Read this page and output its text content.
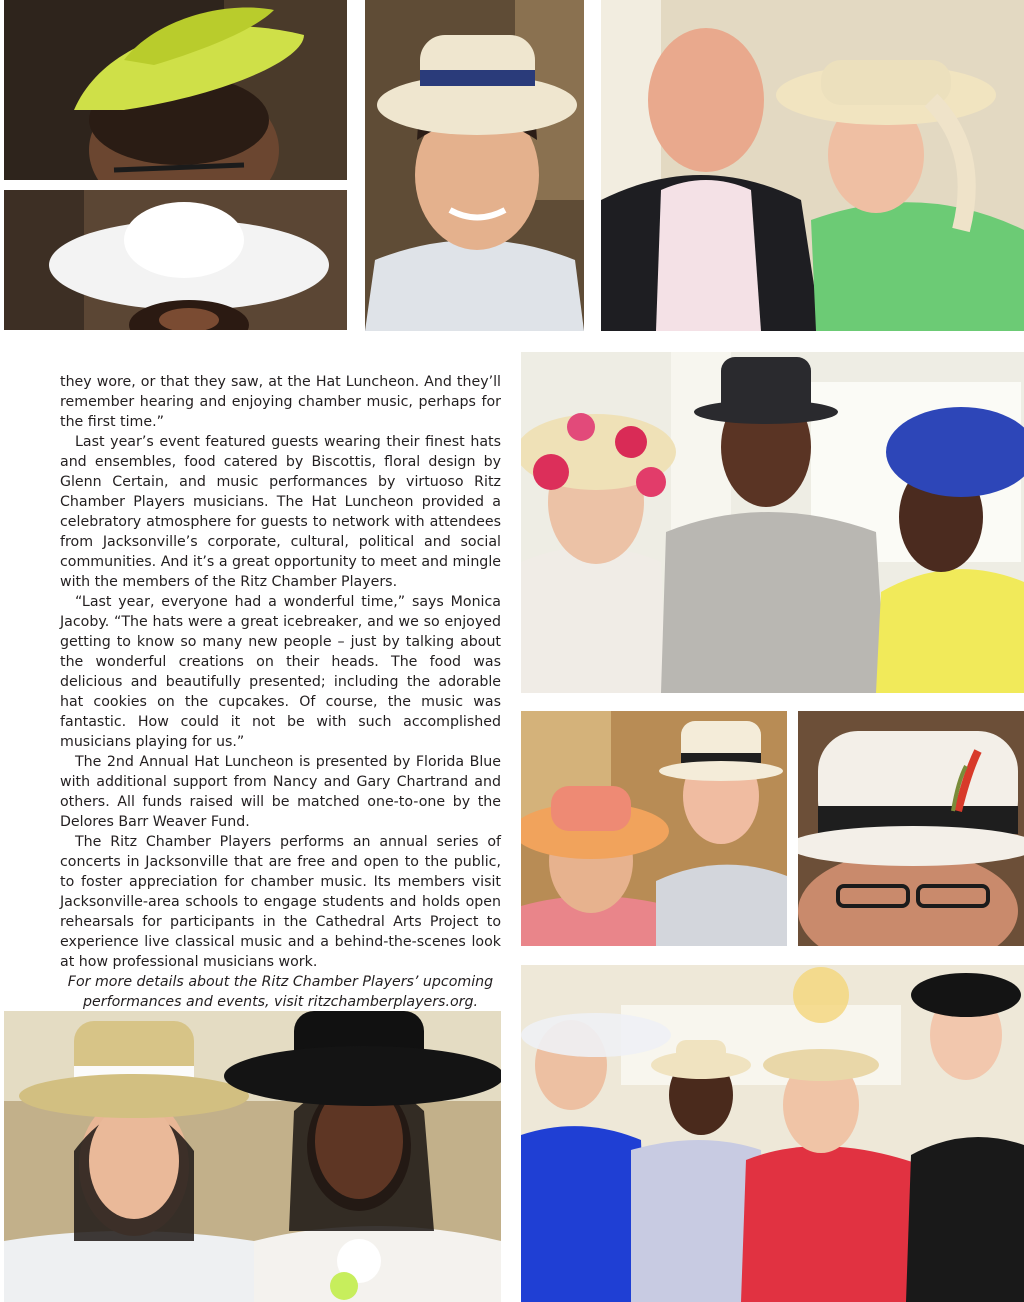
they wore, or that they saw, at the Hat Luncheon. And they’ll remember hearing and enjoying chamber music, perhaps for the first time.”

Last year’s event featured guests wearing their finest hats and ensembles, food catered by Biscottis, floral design by Glenn Certain, and music performances by virtuoso Ritz Chamber Players musicians. The Hat Luncheon provided a celebratory atmosphere for guests to network with attendees from Jacksonville’s corporate, cultural, political and social communities. And it’s a great opportunity to meet and mingle with the members of the Ritz Chamber Players.

“Last year, everyone had a wonderful time,” says Monica Jacoby. “The hats were a great icebreaker, and we so enjoyed getting to know so many new people – just by talking about the wonderful creations on their heads. The food was delicious and beautifully presented; including the adorable hat cookies on the cupcakes. Of course, the music was fantastic. How could it not be with such accomplished musicians playing for us.”

The 2nd Annual Hat Luncheon is presented by Florida Blue with additional support from Nancy and Gary Chartrand and others. All funds raised will be matched one-to-one by the Delores Barr Weaver Fund.

The Ritz Chamber Players performs an annual series of concerts in Jacksonville that are free and open to the public, to foster appreciation for chamber music. Its members visit Jacksonville-area schools to engage students and holds open rehearsals for participants in the Cathedral Arts Project to experience live classical music and a behind-the-scenes look at how professional musicians work.

For more details about the Ritz Chamber Players’ upcoming performances and events, visit ritzchamberplayers.org.
